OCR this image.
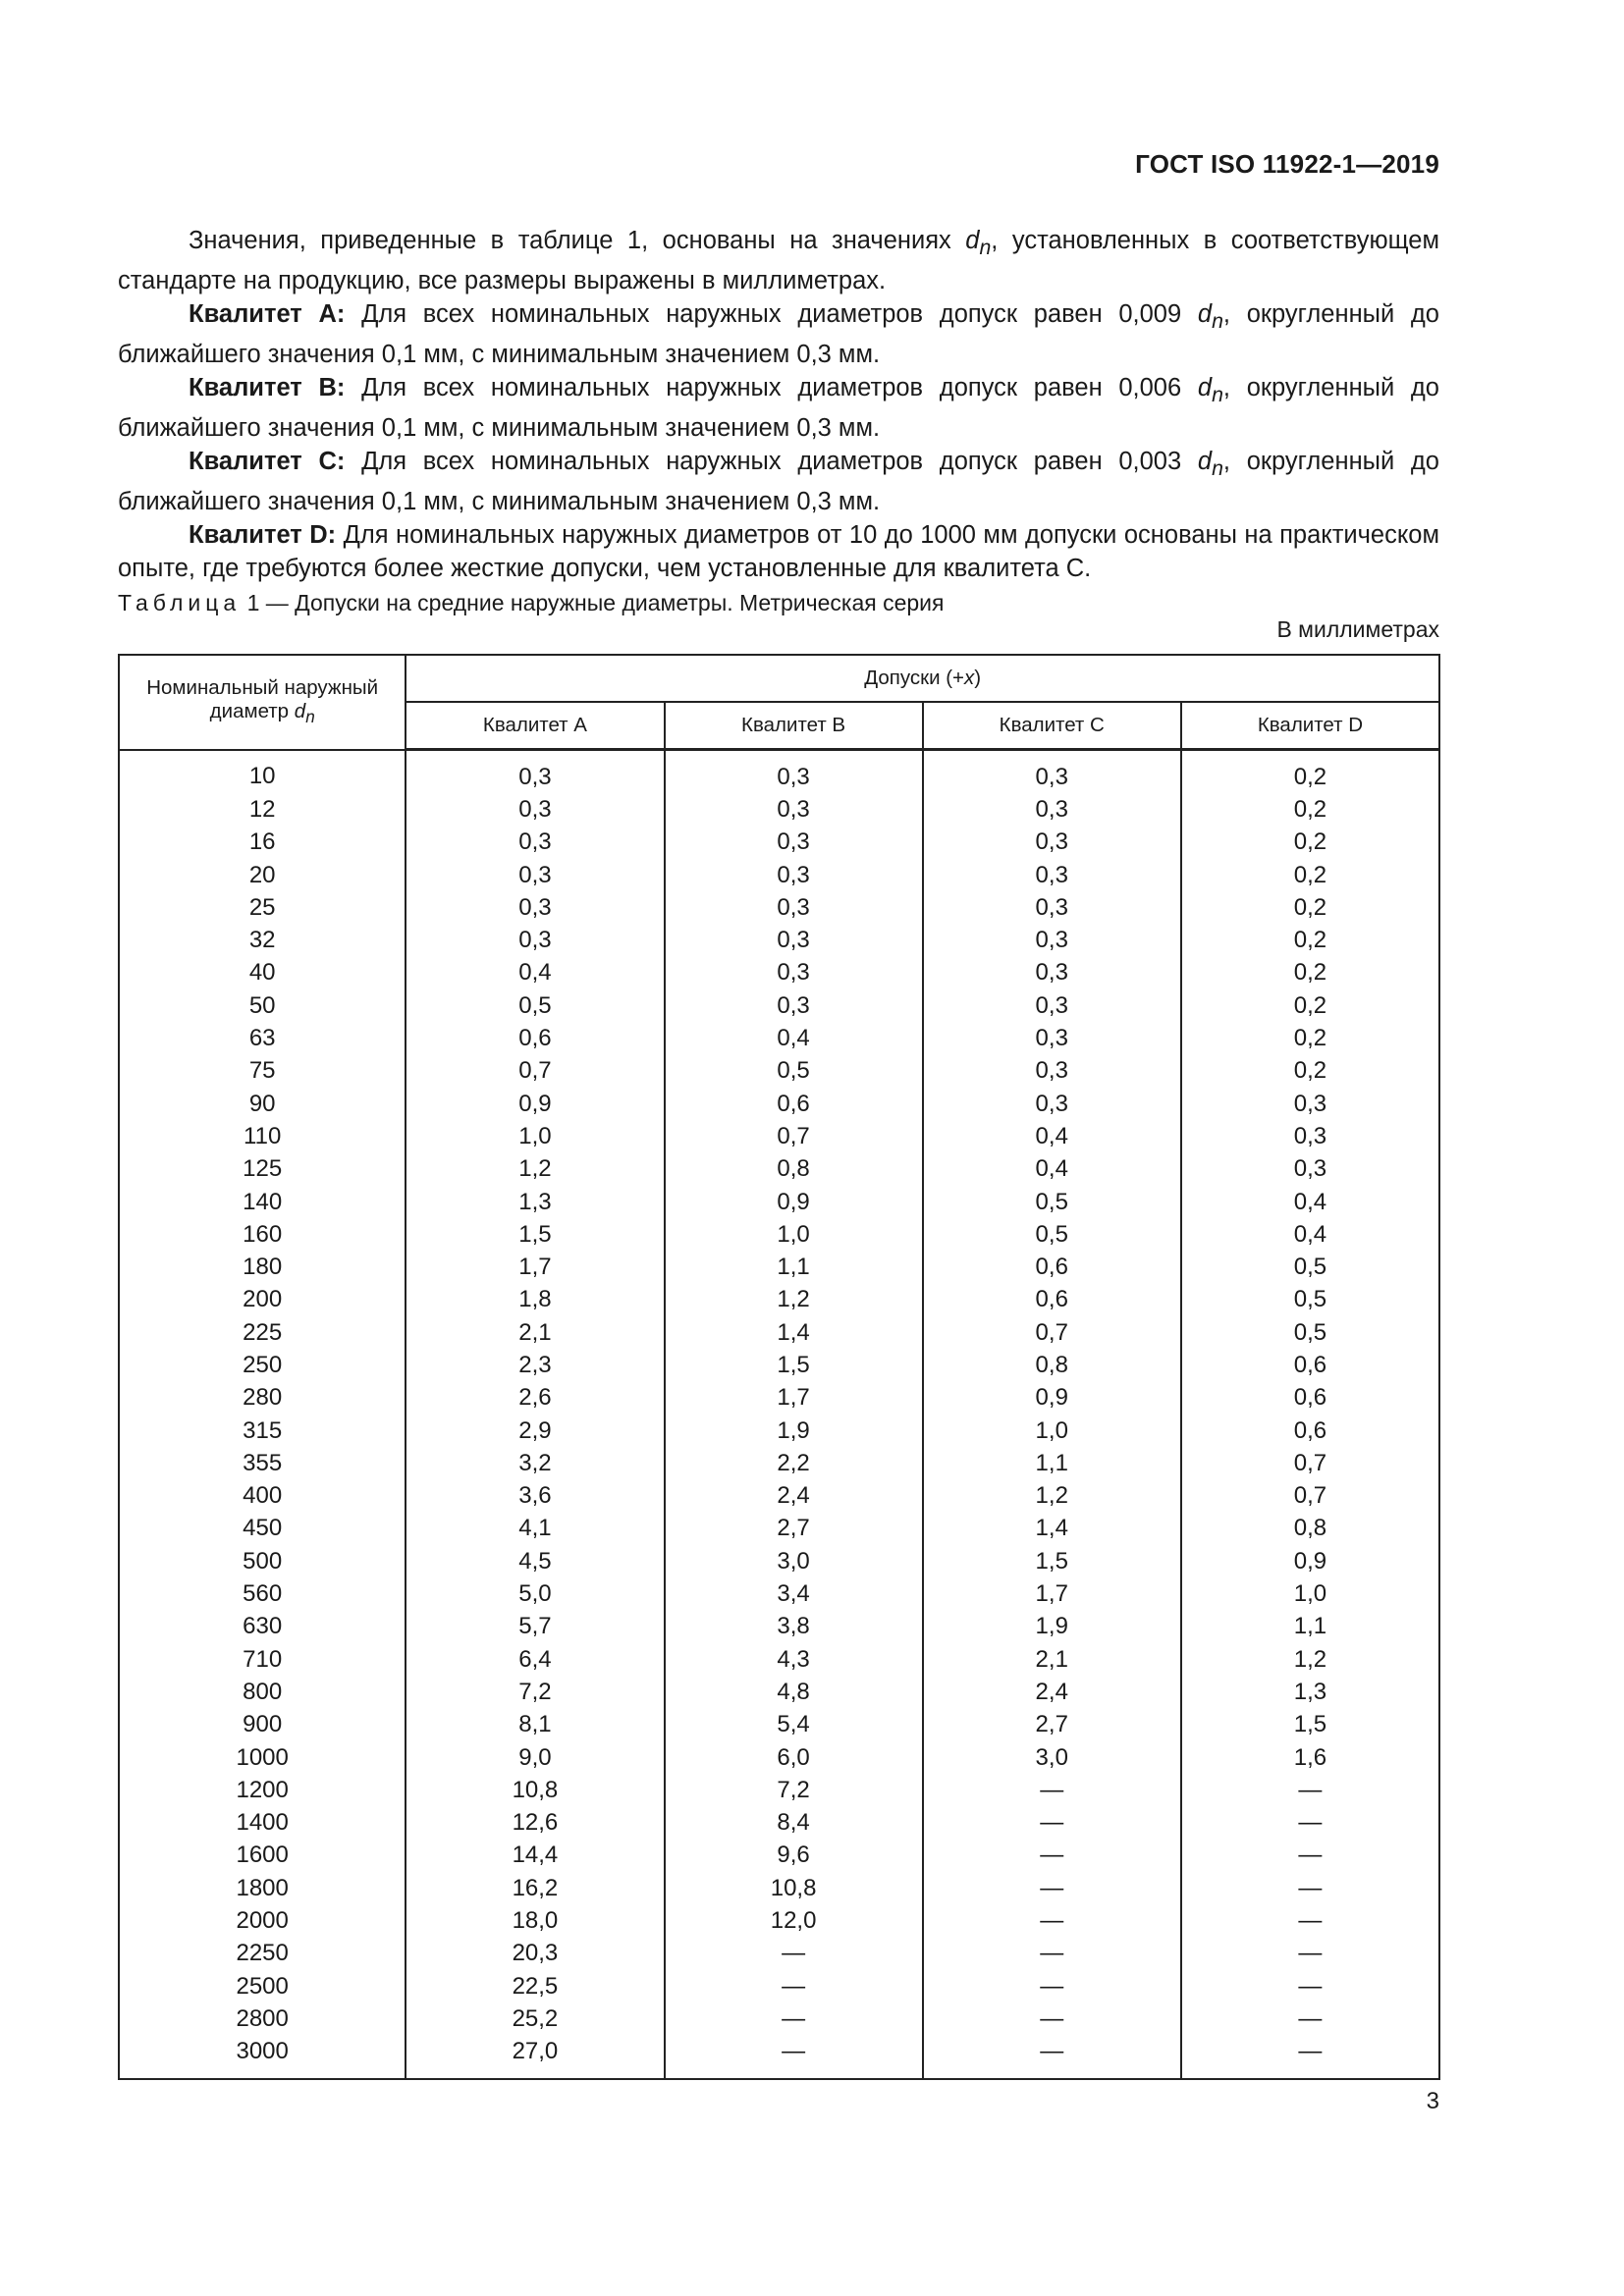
ГОСТ ISO 11922-1—2019

Значения, приведенные в таблице 1, основаны на значениях $d_n$, установленных в соответствующем стандарте на продукцию, все размеры выражены в миллиметрах.

Квалитет А: Для всех номинальных наружных диаметров допуск равен 0,009 $d_n$, округленный до ближайшего значения 0,1 мм, с минимальным значением 0,3 мм.

Квалитет В: Для всех номинальных наружных диаметров допуск равен 0,006 $d_n$, округленный до ближайшего значения 0,1 мм, с минимальным значением 0,3 мм.

Квалитет С: Для всех номинальных наружных диаметров допуск равен 0,003 $d_n$, округленный до ближайшего значения 0,1 мм, с минимальным значением 0,3 мм.

Квалитет D: Для номинальных наружных диаметров от 10 до 1000 мм допуски основаны на практическом опыте, где требуются более жесткие допуски, чем установленные для квалитета С.

Таблица 1 — Допуски на средние наружные диаметры. Метрическая серия
В миллиметрах
Номинальный наружный диаметр $d_n$	Допуски (+x)			
	Квалитет А	Квалитет В	Квалитет С	Квалитет D
10	0,3	0,3	0,3	0,2
12	0,3	0,3	0,3	0,2
16	0,3	0,3	0,3	0,2
20	0,3	0,3	0,3	0,2
25	0,3	0,3	0,3	0,2
32	0,3	0,3	0,3	0,2
40	0,4	0,3	0,3	0,2
50	0,5	0,3	0,3	0,2
63	0,6	0,4	0,3	0,2
75	0,7	0,5	0,3	0,2
90	0,9	0,6	0,3	0,3
110	1,0	0,7	0,4	0,3
125	1,2	0,8	0,4	0,3
140	1,3	0,9	0,5	0,4
160	1,5	1,0	0,5	0,4
180	1,7	1,1	0,6	0,5
200	1,8	1,2	0,6	0,5
225	2,1	1,4	0,7	0,5
250	2,3	1,5	0,8	0,6
280	2,6	1,7	0,9	0,6
315	2,9	1,9	1,0	0,6
355	3,2	2,2	1,1	0,7
400	3,6	2,4	1,2	0,7
450	4,1	2,7	1,4	0,8
500	4,5	3,0	1,5	0,9
560	5,0	3,4	1,7	1,0
630	5,7	3,8	1,9	1,1
710	6,4	4,3	2,1	1,2
800	7,2	4,8	2,4	1,3
900	8,1	5,4	2,7	1,5
1000	9,0	6,0	3,0	1,6
1200	10,8	7,2	—	—
1400	12,6	8,4	—	—
1600	14,4	9,6	—	—
1800	16,2	10,8	—	—
2000	18,0	12,0	—	—
2250	20,3	—	—	—
2500	22,5	—	—	—
2800	25,2	—	—	—
3000	27,0	—	—	—
3
